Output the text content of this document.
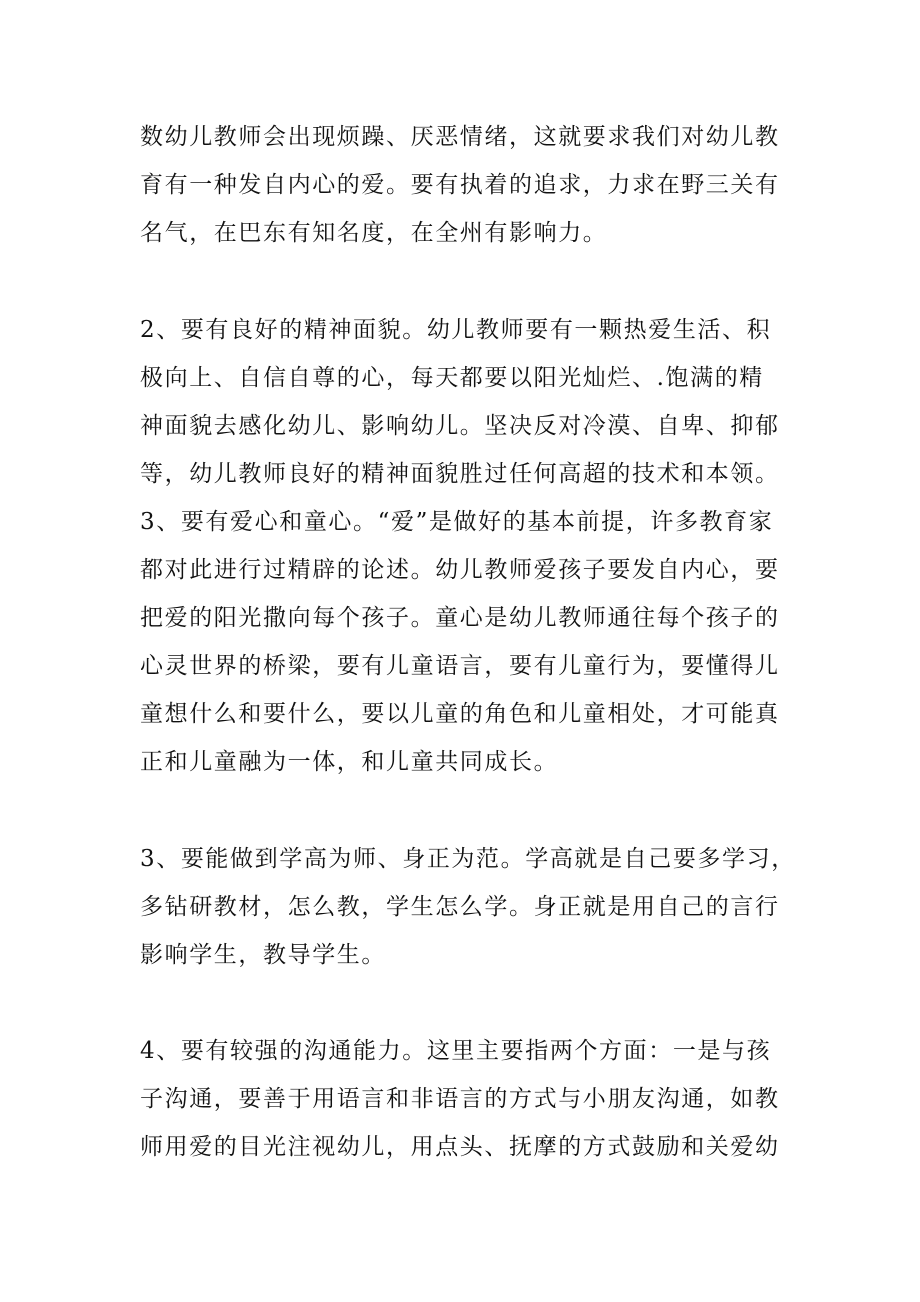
数幼儿教师会出现烦躁、厌恶情绪，这就要求我们对幼儿教
育有一种发自内心的爱。要有执着的追求，力求在野三关有
名气，在巴东有知名度，在全州有影响力。
2、要有良好的精神面貌。幼儿教师要有一颗热爱生活、积
极向上、自信自尊的心，每天都要以阳光灿烂、.饱满的精
神面貌去感化幼儿、影响幼儿。坚决反对冷漠、自卑、抑郁
等，幼儿教师良好的精神面貌胜过任何高超的技术和本领。
3、要有爱心和童心。“爱”是做好的基本前提，许多教育家
都对此进行过精辟的论述。幼儿教师爱孩子要发自内心，要
把爱的阳光撒向每个孩子。童心是幼儿教师通往每个孩子的
心灵世界的桥梁，要有儿童语言，要有儿童行为，要懂得儿
童想什么和要什么，要以儿童的角色和儿童相处，才可能真
正和儿童融为一体，和儿童共同成长。
3、要能做到学高为师、身正为范。学高就是自己要多学习，
多钻研教材，怎么教，学生怎么学。身正就是用自己的言行
影响学生，教导学生。
4、要有较强的沟通能力。这里主要指两个方面：一是与孩
子沟通，要善于用语言和非语言的方式与小朋友沟通，如教
师用爱的目光注视幼儿，用点头、抚摩的方式鼓励和关爱幼
